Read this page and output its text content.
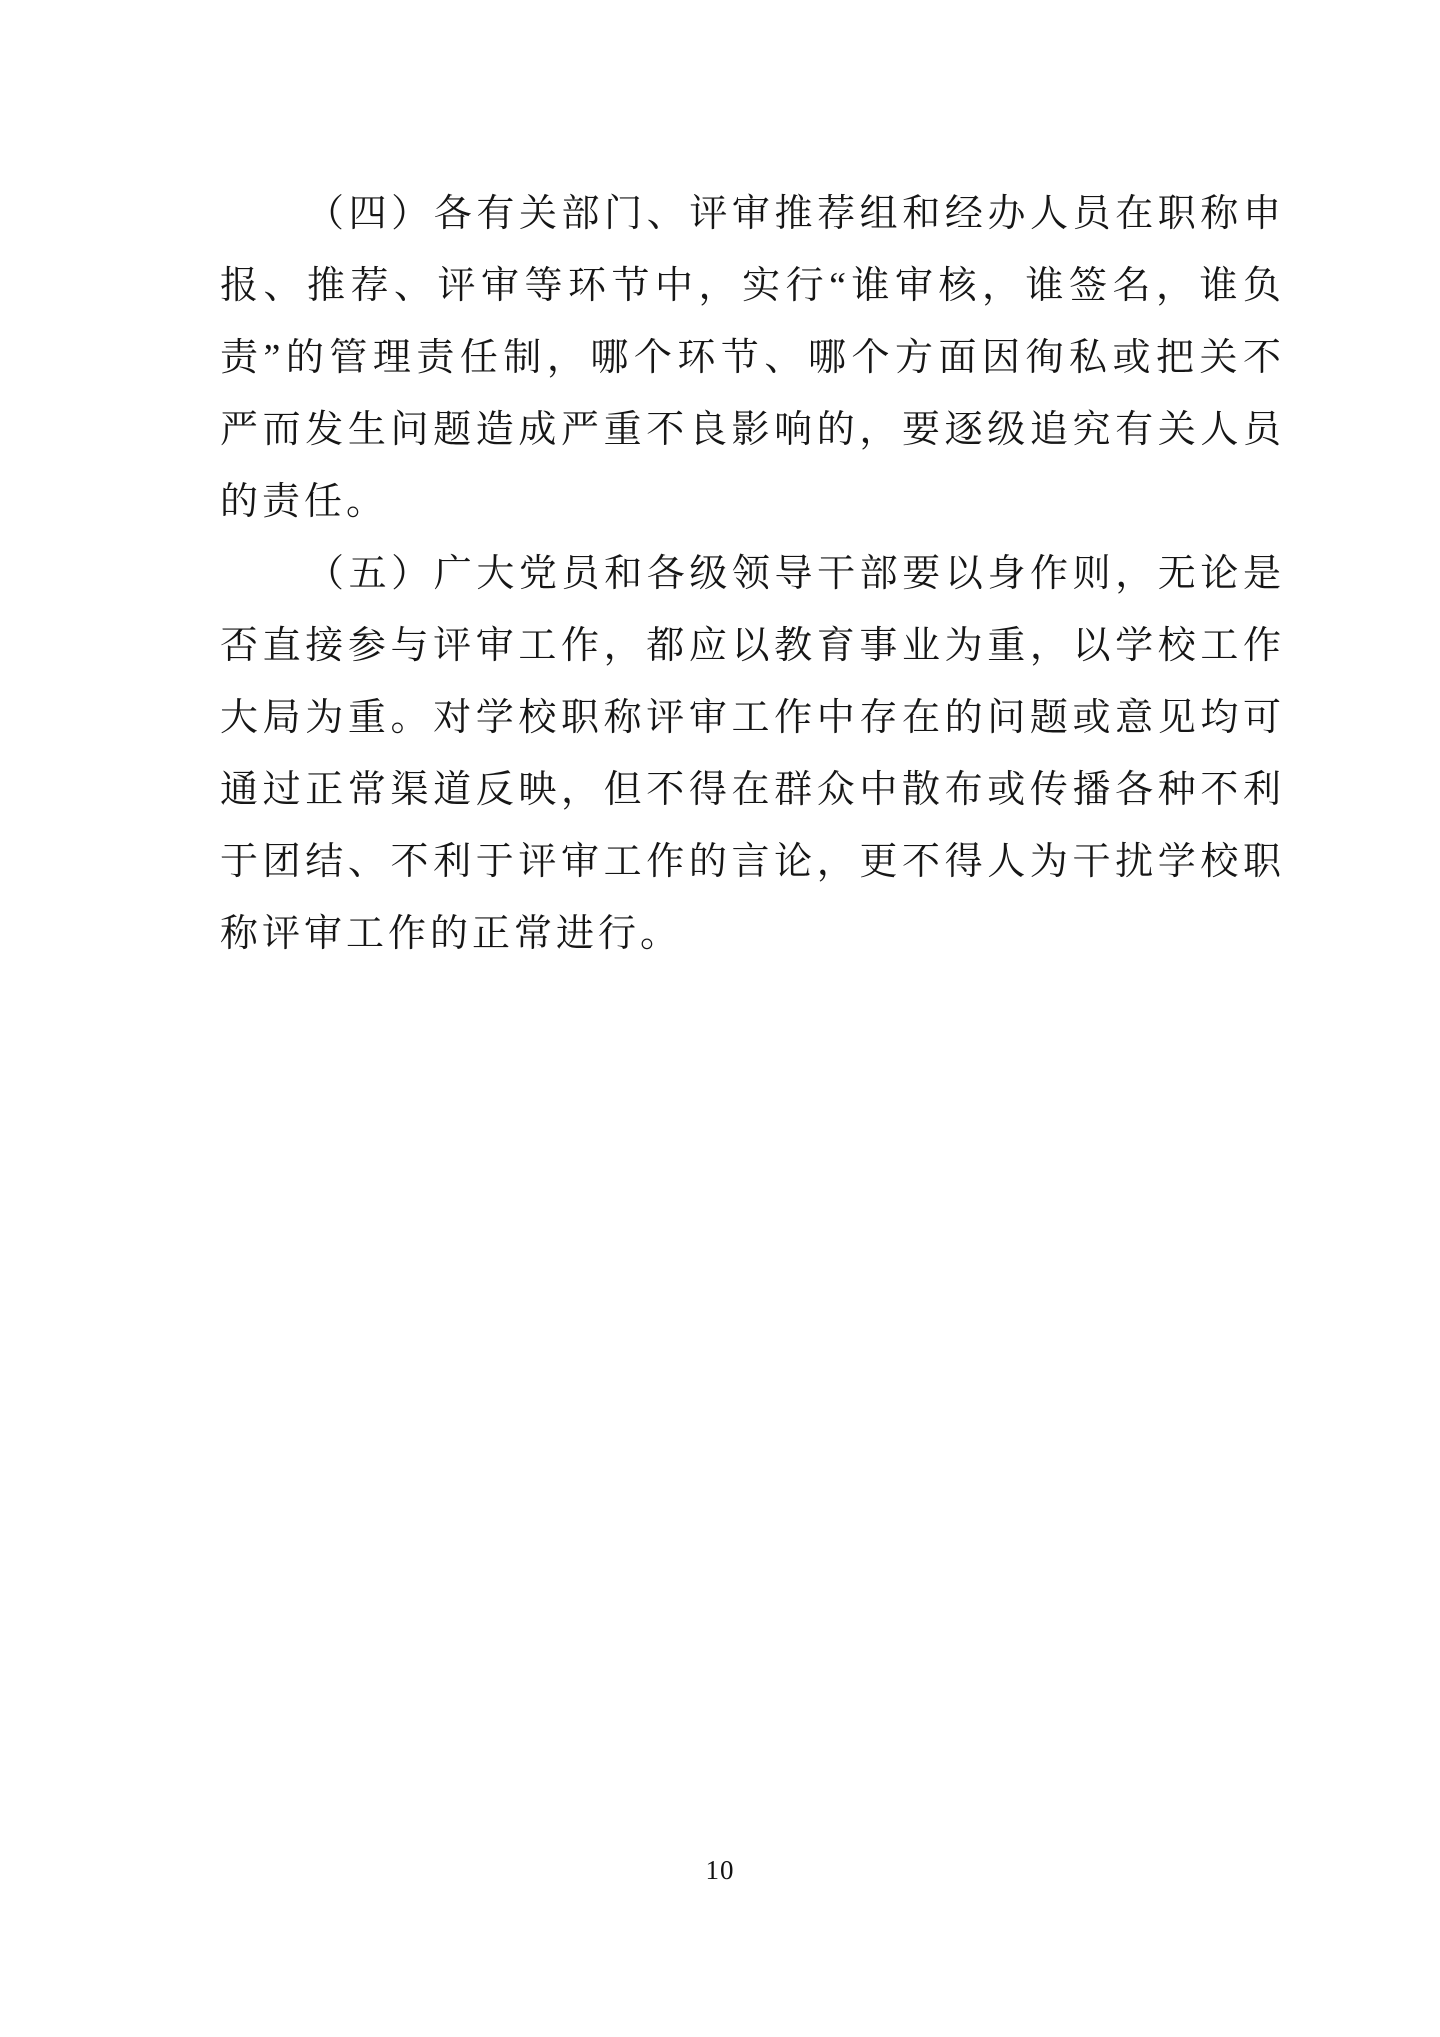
（四）各有关部门、评审推荐组和经办人员在职称申报、推荐、评审等环节中，实行“谁审核，谁签名，谁负责”的管理责任制，哪个环节、哪个方面因徇私或把关不严而发生问题造成严重不良影响的，要逐级追究有关人员的责任。

（五）广大党员和各级领导干部要以身作则，无论是否直接参与评审工作，都应以教育事业为重，以学校工作大局为重。对学校职称评审工作中存在的问题或意见均可通过正常渠道反映，但不得在群众中散布或传播各种不利于团结、不利于评审工作的言论，更不得人为干扰学校职称评审工作的正常进行。

10
